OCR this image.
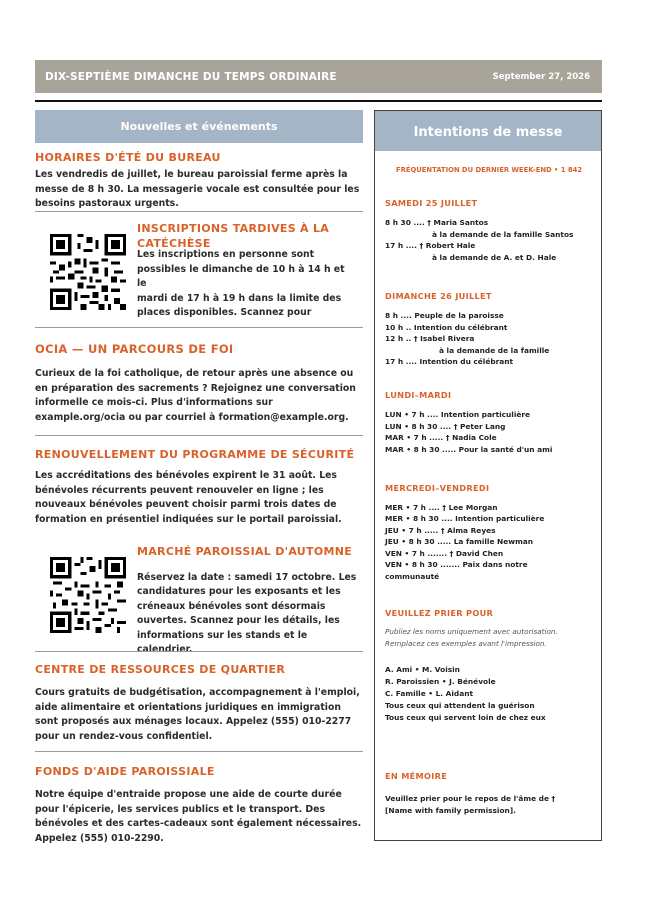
DIX-SEPTIÈME DIMANCHE DU TEMPS ORDINAIRE	September 27, 2026
Nouvelles et événements
HORAIRES D'ÉTÉ DU BUREAU

Les vendredis de juillet, le bureau paroissial ferme après la messe de 8 h 30. La messagerie vocale est consultée pour les besoins pastoraux urgents.

INSCRIPTIONS TARDIVES À LA CATÉCHÈSE

Les inscriptions en personne sont

possibles le dimanche de 10 h à 14 h et

le

mardi de 17 h à 19 h dans la limite des

places disponibles. Scannez pour

OCIA — UN PARCOURS DE FOI

Curieux de la foi catholique, de retour après une absence ou en préparation des sacrements ? Rejoignez une conversation informelle ce mois-ci. Plus d'informations sur example.org/ocia ou par courriel à formation@example.org.

RENOUVELLEMENT DU PROGRAMME DE SÉCURITÉ

Les accréditations des bénévoles expirent le 31 août. Les bénévoles récurrents peuvent renouveler en ligne ; les nouveaux bénévoles peuvent choisir parmi trois dates de formation en présentiel indiquées sur le portail paroissial.

MARCHÉ PAROISSIAL D'AUTOMNE

Réservez la date : samedi 17 octobre. Les candidatures pour les exposants et les créneaux bénévoles sont désormais ouvertes. Scannez pour les détails, les informations sur les stands et le calendrier.

CENTRE DE RESSOURCES DE QUARTIER

Cours gratuits de budgétisation, accompagnement à l'emploi, aide alimentaire et orientations juridiques en immigration sont proposés aux ménages locaux. Appelez (555) 010-2277 pour un rendez-vous confidentiel.

FONDS D'AIDE PAROISSIALE

Notre équipe d'entraide propose une aide de courte durée pour l'épicerie, les services publics et le transport. Des bénévoles et des cartes-cadeaux sont également nécessaires. Appelez (555) 010-2290.

Intentions de messe
FRÉQUENTATION DU DERNIER WEEK-END • 1 842
SAMEDI 25 JUILLET
8 h 30 .... † Maria Santos
à la demande de la famille Santos
17 h .... † Robert Hale
à la demande de A. et D. Hale
DIMANCHE 26 JUILLET
8 h .... Peuple de la paroisse
10 h .. Intention du célébrant
12 h .. † Isabel Rivera
à la demande de la famille
17 h .... Intention du célébrant
LUNDI–MARDI
LUN • 7 h .... Intention particulière
LUN • 8 h 30 .... † Peter Lang
MAR • 7 h ..... † Nadia Cole
MAR • 8 h 30 ..... Pour la santé d'un ami
MERCREDI–VENDREDI
MER • 7 h .... † Lee Morgan
MER • 8 h 30 .... Intention particulière
JEU • 7 h ..... † Alma Reyes
JEU • 8 h 30 ..... La famille Newman
VEN • 7 h ....... † David Chen
VEN • 8 h 30 ....... Paix dans notre
communauté
VEUILLEZ PRIER POUR
Publiez les noms uniquement avec autorisation.
Remplacez ces exemples avant l'impression.
A. Ami • M. Voisin
R. Paroissien • J. Bénévole
C. Famille • L. Aidant
Tous ceux qui attendent la guérison
Tous ceux qui servent loin de chez eux
EN MÉMOIRE
Veuillez prier pour le repos de l'âme de †
[Name with family permission].
